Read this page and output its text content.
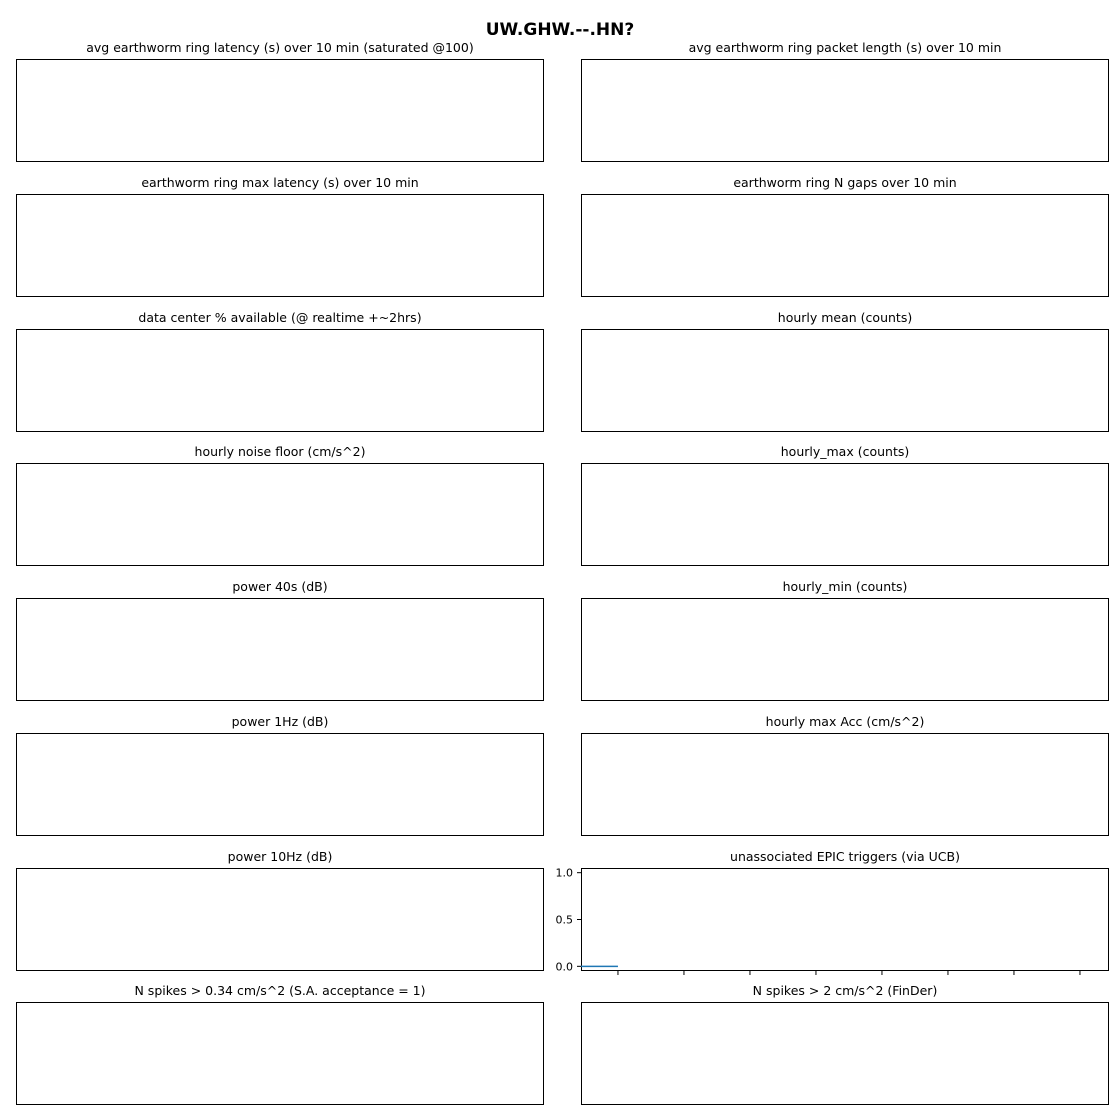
UW.GHW.--.HN?
avg earthworm ring latency (s) over 10 min (saturated @100)	avg earthworm ring packet length (s) over 10 min
earthworm ring max latency (s) over 10 min	earthworm ring N gaps over 10 min
data center % available (@ realtime +~2hrs)	hourly mean (counts)
hourly noise floor (cm/s^2)	hourly_max (counts)
power 40s (dB)	hourly_min (counts)
power 1Hz (dB)	hourly max Acc (cm/s^2)
power 10Hz (dB)	unassociated EPIC triggers (via UCB)
0.0
0.5
1.0
N spikes > 0.34 cm/s^2 (S.A. acceptance = 1)	N spikes > 2 cm/s^2 (FinDer)
